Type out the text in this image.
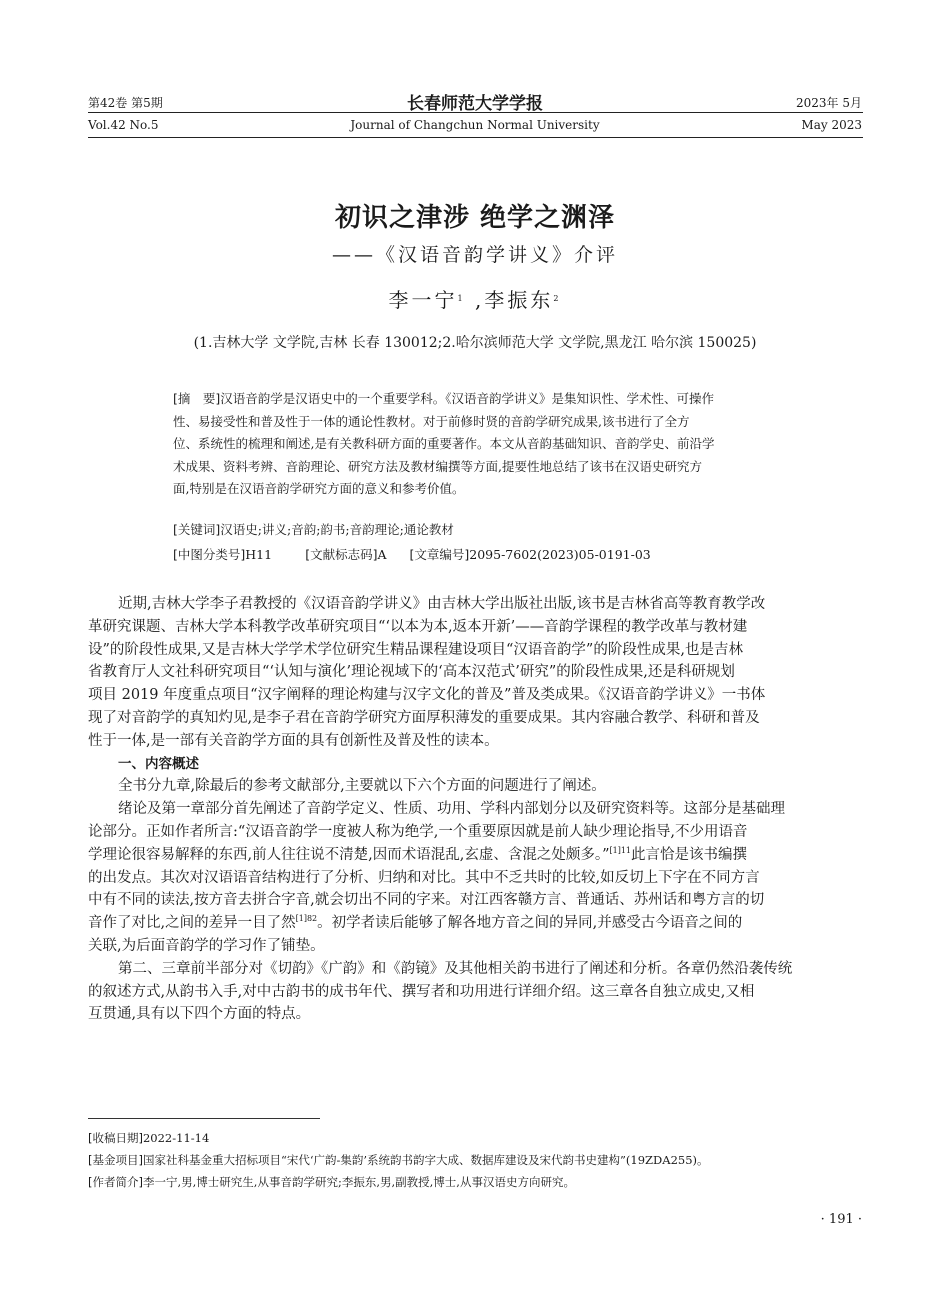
第42卷 第5期
Vol.42 No.5
长春师范大学学报
Journal of Changchun Normal University
2023年 5月
May 2023
初识之津涉 绝学之渊泽
——《汉语音韵学讲义》介评
李一宁$^1$ ,李振东$^2$
(1.吉林大学 文学院,吉林 长春 130012;2.哈尔滨师范大学 文学院,黑龙江 哈尔滨 150025)
[摘　要]汉语音韵学是汉语史中的一个重要学科。《汉语音韵学讲义》是集知识性、学术性、可操作
性、易接受性和普及性于一体的通论性教材。对于前修时贤的音韵学研究成果,该书进行了全方
位、系统性的梳理和阐述,是有关教科研方面的重要著作。本文从音韵基础知识、音韵学史、前沿学
术成果、资料考辨、音韵理论、研究方法及教材编撰等方面,提要性地总结了该书在汉语史研究方
面,特别是在汉语音韵学研究方面的意义和参考价值。
[关键词]汉语史;讲义;音韵;韵书;音韵理论;通论教材
[中图分类号]H11	[文献标志码]A [文章编号]2095-7602(2023)05-0191-03
近期,吉林大学李子君教授的《汉语音韵学讲义》由吉林大学出版社出版,该书是吉林省高等教育教学改
革研究课题、吉林大学本科教学改革研究项目“‘以本为本,返本开新’——音韵学课程的教学改革与教材建
设”的阶段性成果,又是吉林大学学术学位研究生精品课程建设项目“汉语音韵学”的阶段性成果,也是吉林
省教育厅人文社科研究项目“‘认知与演化’理论视域下的‘高本汉范式’研究”的阶段性成果,还是科研规划
项目 2019 年度重点项目“汉字阐释的理论构建与汉字文化的普及”普及类成果。《汉语音韵学讲义》一书体
现了对音韵学的真知灼见,是李子君在音韵学研究方面厚积薄发的重要成果。其内容融合教学、科研和普及
性于一体,是一部有关音韵学方面的具有创新性及普及性的读本。
一、内容概述
全书分九章,除最后的参考文献部分,主要就以下六个方面的问题进行了阐述。
绪论及第一章部分首先阐述了音韵学定义、性质、功用、学科内部划分以及研究资料等。这部分是基础理
论部分。正如作者所言:“汉语音韵学一度被人称为绝学,一个重要原因就是前人缺少理论指导,不少用语音
学理论很容易解释的东西,前人往往说不清楚,因而术语混乱,玄虚、含混之处颇多。”$^{[1]11}$此言恰是该书编撰
的出发点。其次对汉语语音结构进行了分析、归纳和对比。其中不乏共时的比较,如反切上下字在不同方言
中有不同的读法,按方音去拼合字音,就会切出不同的字来。对江西客赣方言、普通话、苏州话和粤方言的切
音作了对比,之间的差异一目了然$^{[1]82}$。初学者读后能够了解各地方音之间的异同,并感受古今语音之间的
关联,为后面音韵学的学习作了铺垫。
第二、三章前半部分对《切韵》《广韵》和《韵镜》及其他相关韵书进行了阐述和分析。各章仍然沿袭传统
的叙述方式,从韵书入手,对中古韵书的成书年代、撰写者和功用进行详细介绍。这三章各自独立成史,又相
互贯通,具有以下四个方面的特点。
[收稿日期]2022-11-14
[基金项目]国家社科基金重大招标项目“宋代‘广韵-集韵’系统韵书韵字大成、数据库建设及宋代韵书史建构”(19ZDA255)。
[作者简介]李一宁,男,博士研究生,从事音韵学研究;李振东,男,副教授,博士,从事汉语史方向研究。
· 191 ·
